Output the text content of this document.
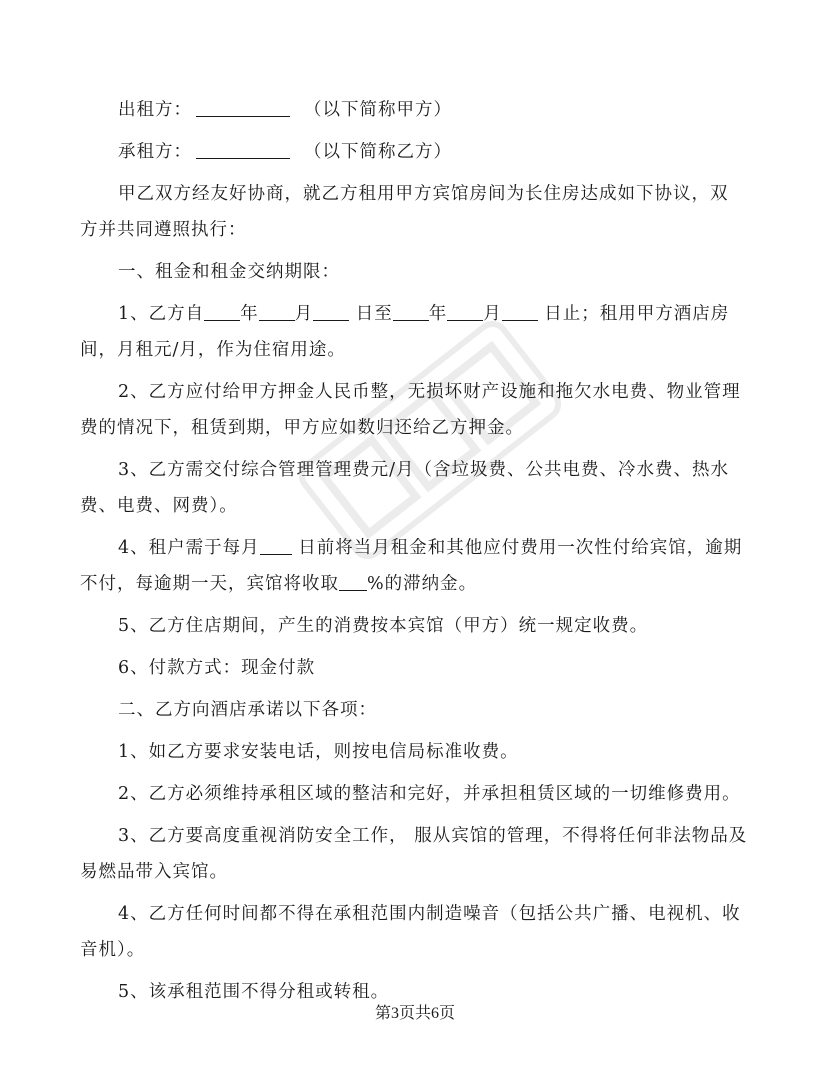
出租方：	（以下简称甲方）
承租方：	（以下简称乙方）
甲乙双方经友好协商，就乙方租用甲方宾馆房间为长住房达成如下协议，双
方并共同遵照执行：
一、租金和租金交纳期限：
1、乙方自 年 月 日至 年 月 日止；租用甲方酒店房
间，月租元/月，作为住宿用途。
2、乙方应付给甲方押金人民币整，无损坏财产设施和拖欠水电费、物业管理
费的情况下，租赁到期，甲方应如数归还给乙方押金。
3、乙方需交付综合管理管理费元/月（含垃圾费、公共电费、冷水费、热水
费、电费、网费）。
4、租户需于每月 日前将当月租金和其他应付费用一次性付给宾馆，逾期
不付，每逾期一天，宾馆将收取 %的滞纳金。
5、乙方住店期间，产生的消费按本宾馆（甲方）统一规定收费。
6、付款方式：现金付款
二、乙方向酒店承诺以下各项：
1、如乙方要求安装电话，则按电信局标准收费。
2、乙方必须维持承租区域的整洁和完好，并承担租赁区域的一切维修费用。
3、乙方要高度重视消防安全工作， 服从宾馆的管理，不得将任何非法物品及
易燃品带入宾馆。
4、乙方任何时间都不得在承租范围内制造噪音（包括公共广播、电视机、收
音机）。
5、该承租范围不得分租或转租。
第3页共6页
